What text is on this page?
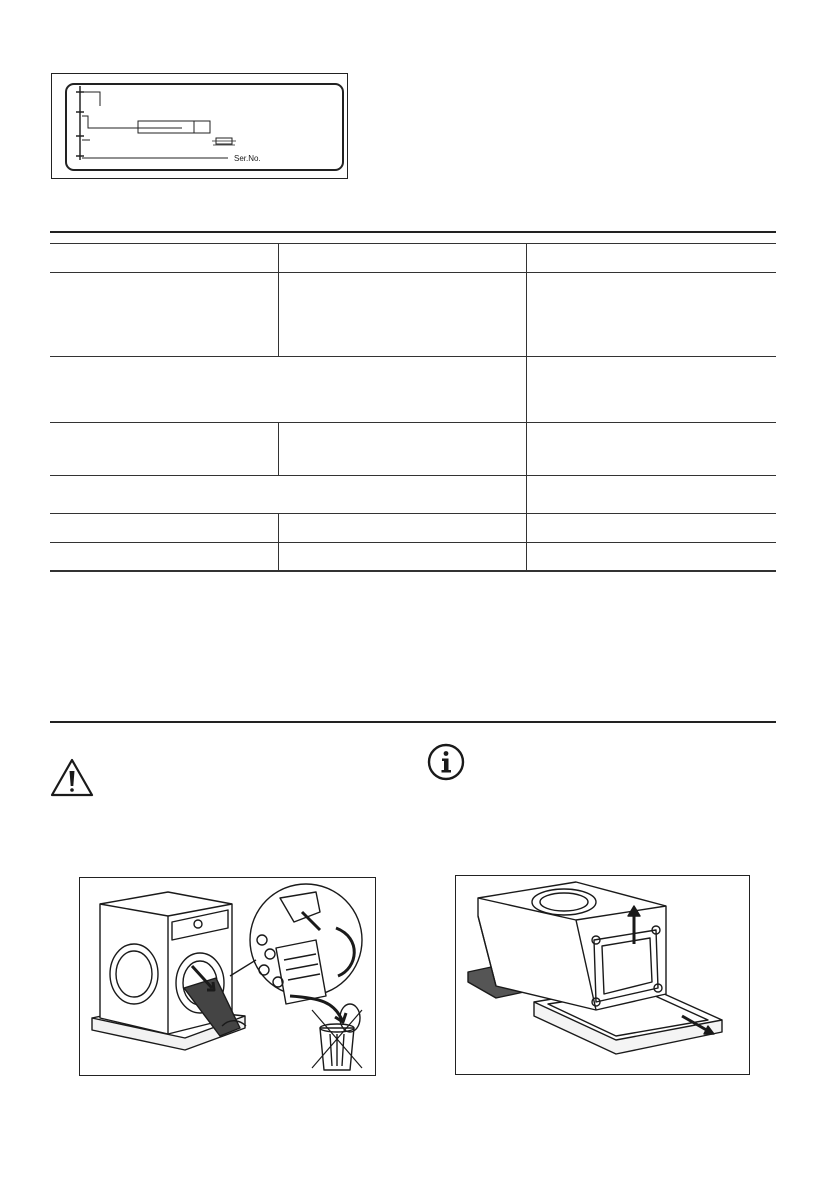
Ser.No.
